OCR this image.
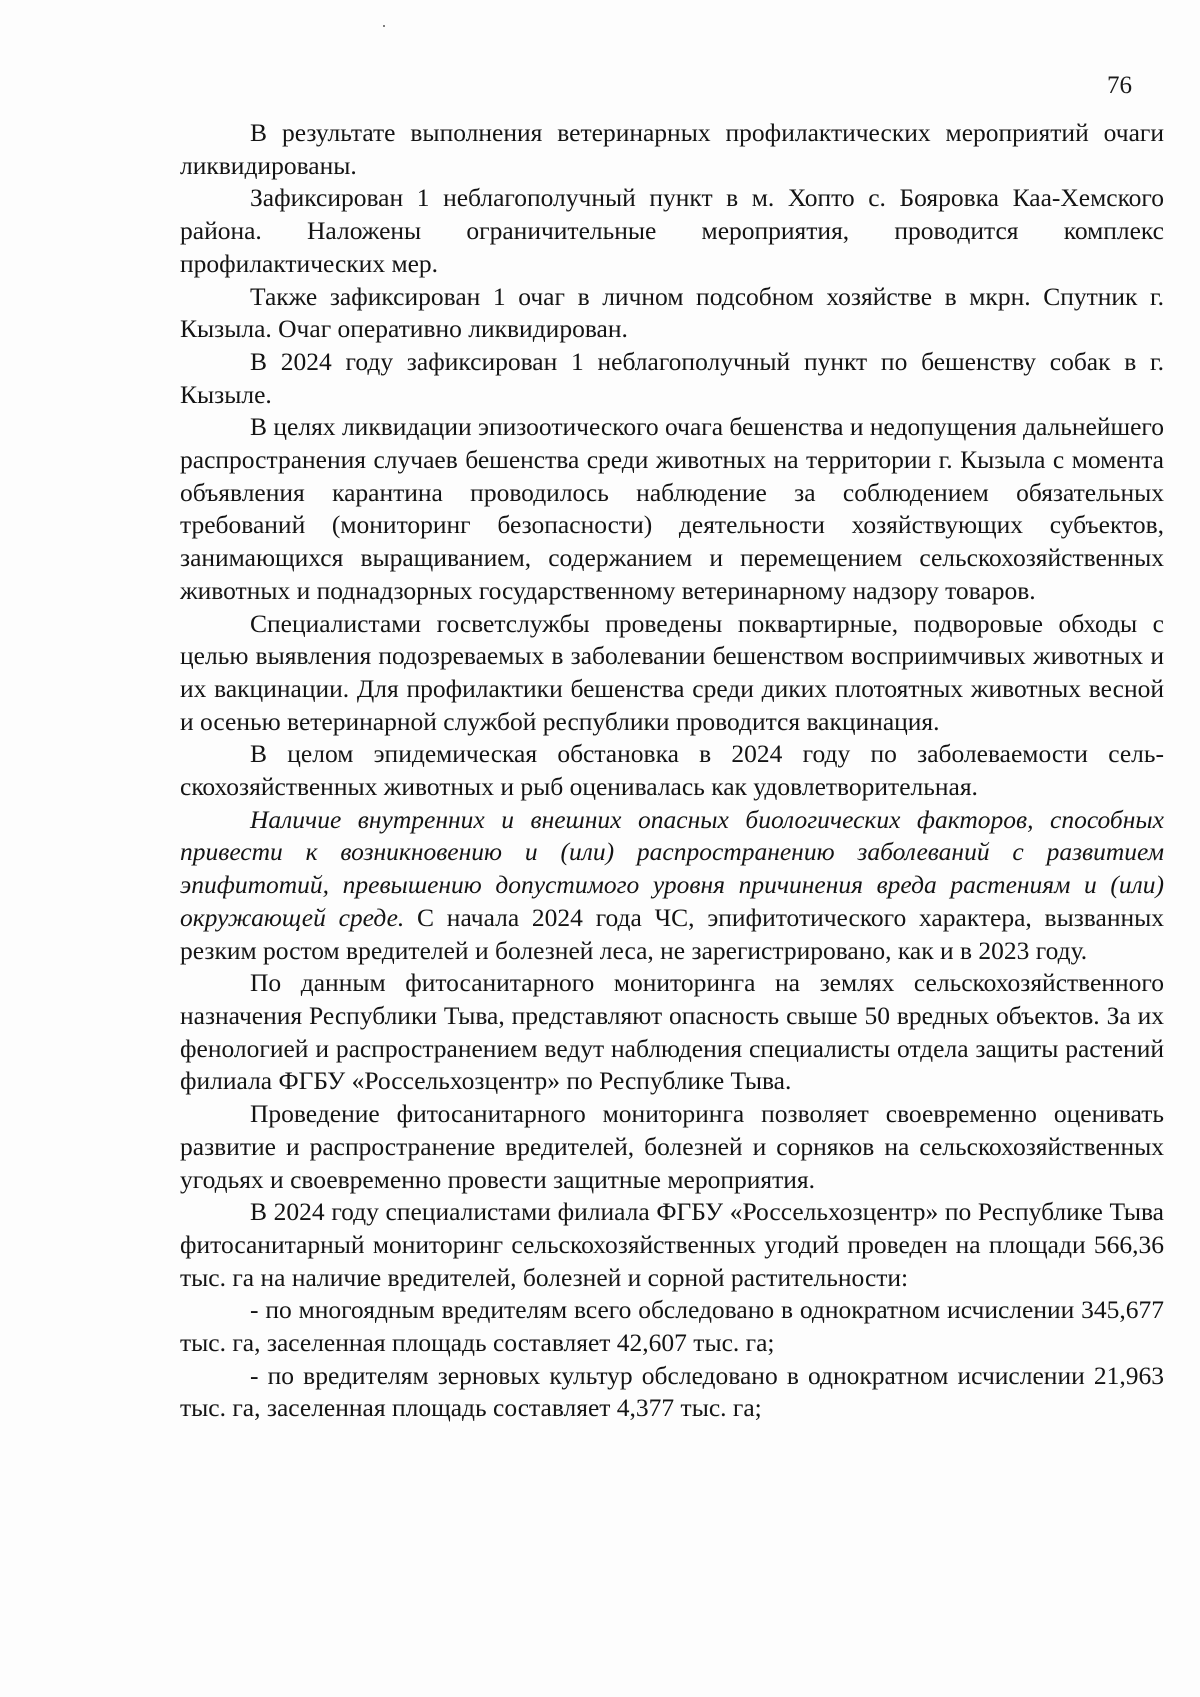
76

В результате выполнения ветеринарных профилактических мероприятий очаги ликвидированы.

Зафиксирован 1 неблагополучный пункт в м. Хопто с. Бояровка Каа-Хемского района. Наложены ограничительные мероприятия, проводится комплекс профилактических мер.

Также зафиксирован 1 очаг в личном подсобном хозяйстве в мкрн. Спутник г. Кызыла. Очаг оперативно ликвидирован.

В 2024 году зафиксирован 1 неблагополучный пункт по бешенству собак в г. Кызыле.

В целях ликвидации эпизоотического очага бешенства и недопущения дальнейшего распространения случаев бешенства среди животных на территории г. Кызыла с момента объявления карантина проводилось наблюдение за соблюдением обязательных требований (мониторинг безопасности) деятельности хозяйствующих субъектов, занимающихся выращиванием, содержанием и перемещением сельскохозяйственных животных и поднадзорных государственному ветеринарному надзору товаров.

Специалистами госветслужбы проведены поквартирные, подворовые обходы с целью выявления подозреваемых в заболевании бешенством восприимчивых животных и их вакцинации. Для профилактики бешенства среди диких плотоятных животных весной и осенью ветеринарной службой республики проводится вакцинация.

В целом эпидемическая обстановка в 2024 году по заболеваемости сельскохозяйственных животных и рыб оценивалась как удовлетворительная.

Наличие внутренних и внешних опасных биологических факторов, способных привести к возникновению и (или) распространению заболеваний с развитием эпифитотий, превышению допустимого уровня причинения вреда растениям и (или) окружающей среде. С начала 2024 года ЧС, эпифитотического характера, вызванных резким ростом вредителей и болезней леса, не зарегистрировано, как и в 2023 году.

По данным фитосанитарного мониторинга на землях сельскохозяйственного назначения Республики Тыва, представляют опасность свыше 50 вредных объектов. За их фенологией и распространением ведут наблюдения специалисты отдела защиты растений филиала ФГБУ «Россельхозцентр» по Республике Тыва.

Проведение фитосанитарного мониторинга позволяет своевременно оценивать развитие и распространение вредителей, болезней и сорняков на сельскохозяйственных угодьях и своевременно провести защитные мероприятия.

В 2024 году специалистами филиала ФГБУ «Россельхозцентр» по Республике Тыва фитосанитарный мониторинг сельскохозяйственных угодий проведен на площади 566,36 тыс. га на наличие вредителей, болезней и сорной растительности:

- по многоядным вредителям всего обследовано в однократном исчислении 345,677 тыс. га, заселенная площадь составляет 42,607 тыс. га;

- по вредителям зерновых культур обследовано в однократном исчислении 21,963 тыс. га, заселенная площадь составляет 4,377 тыс. га;
